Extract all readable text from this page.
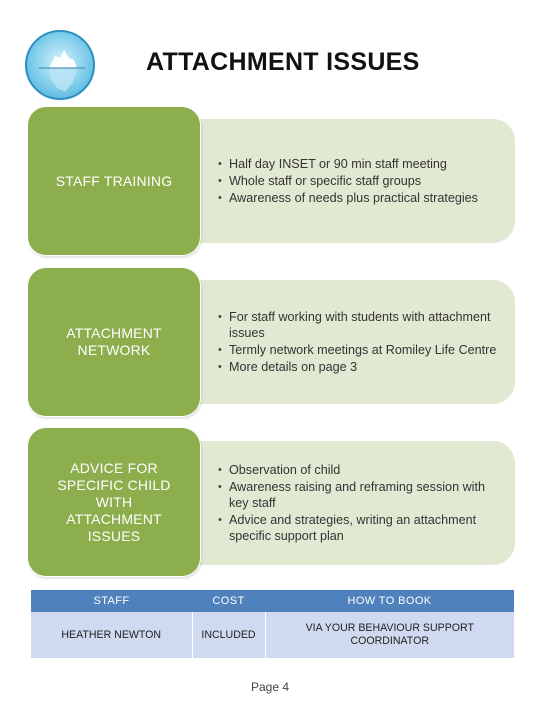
ATTACHMENT ISSUES
• Half day INSET or 90 min staff meeting
• Whole staff or specific staff groups
• Awareness of needs plus practical strategies
STAFF TRAINING
• For staff working with students with attachment issues
• Termly network meetings at Romiley Life Centre
• More details on page 3
ATTACHMENT NETWORK
• Observation of child
• Awareness raising and reframing session with key staff
• Advice and strategies, writing an attachment specific support plan
ADVICE FOR SPECIFIC CHILD WITH ATTACHMENT ISSUES
STAFF	COST	HOW TO BOOK
HEATHER NEWTON	INCLUDED	VIA YOUR BEHAVIOUR SUPPORT COORDINATOR
Page 4
